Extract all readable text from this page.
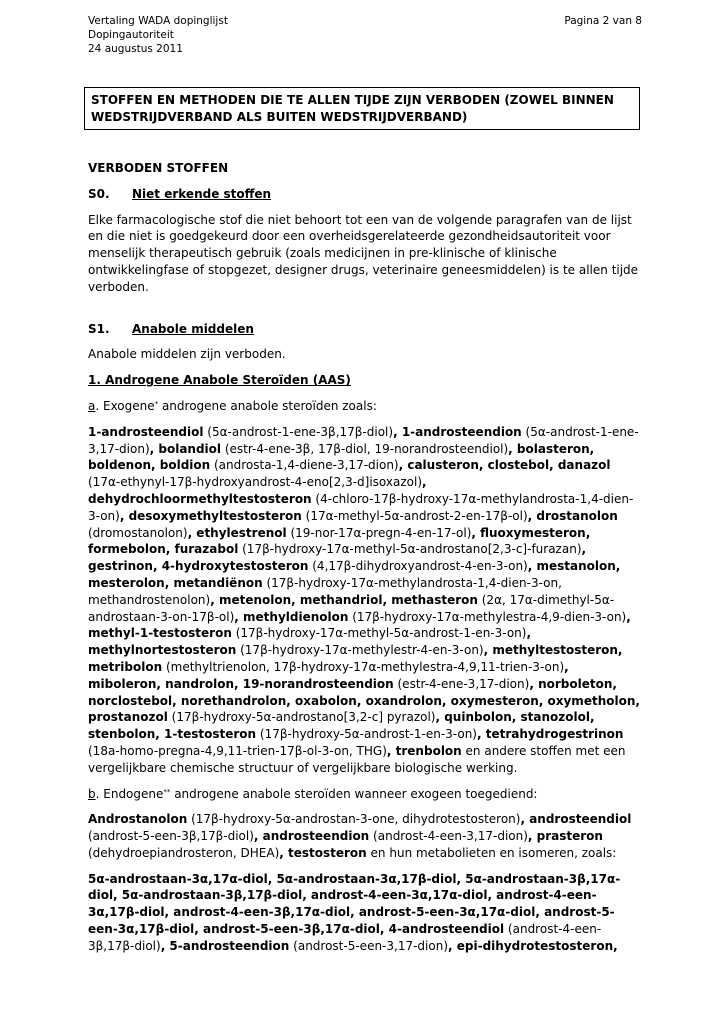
Vertaling WADA dopinglijst	Pagina 2 van 8
Dopingautoriteit
24 augustus 2011
STOFFEN EN METHODEN DIE TE ALLEN TIJDE ZIJN VERBODEN (ZOWEL BINNEN WEDSTRIJDVERBAND ALS BUITEN WEDSTRIJDVERBAND)
VERBODEN STOFFEN
S0. Niet erkende stoffen
Elke farmacologische stof die niet behoort tot een van de volgende paragrafen van de lijst en die niet is goedgekeurd door een overheidsgerelateerde gezondheidsautoriteit voor menselijk therapeutisch gebruik (zoals medicijnen in pre-klinische of klinische ontwikkelingfase of stopgezet, designer drugs, veterinaire geneesmiddelen) is te allen tijde verboden.
S1. Anabole middelen
Anabole middelen zijn verboden.
1. Androgene Anabole Steroïden (AAS)
a. Exogene* androgene anabole steroïden zoals:
1-androsteendiol (5α-androst-1-ene-3β,17β-diol), 1-androsteendion (5α-androst-1-ene-3,17-dion), bolandiol (estr-4-ene-3β, 17β-diol, 19-norandrosteendiol), bolasteron, boldenon, boldion (androsta-1,4-diene-3,17-dion), calusteron, clostebol, danazol (17α-ethynyl-17β-hydroxyandrost-4-eno[2,3-d]isoxazol), dehydrochloormethyltestosteron (4-chloro-17β-hydroxy-17α-methylandrosta-1,4-dien-3-on), desoxymethyltestosteron (17α-methyl-5α-androst-2-en-17β-ol), drostanolon (dromostanolon), ethylestrenol (19-nor-17α-pregn-4-en-17-ol), fluoxymesteron, formebolon, furazabol (17β-hydroxy-17α-methyl-5α-androstano[2,3-c]-furazan), gestrinon, 4-hydroxytestosteron (4,17β-dihydroxyandrost-4-en-3-on), mestanolon, mesterolon, metandiënon (17β-hydroxy-17α-methylandrosta-1,4-dien-3-on, methandrostenolon), metenolon, methandriol, methasteron (2α, 17α-dimethyl-5α-androstaan-3-on-17β-ol), methyldienolon (17β-hydroxy-17α-methylestra-4,9-dien-3-on), methyl-1-testosteron (17β-hydroxy-17α-methyl-5α-androst-1-en-3-on), methylnortestosteron (17β-hydroxy-17α-methylestr-4-en-3-on), methyltestosteron, metribolon (methyltrienolon, 17β-hydroxy-17α-methylestra-4,9,11-trien-3-on), miboleron, nandrolon, 19-norandrosteendion (estr-4-ene-3,17-dion), norboleton, norclostebol, norethandrolon, oxabolon, oxandrolon, oxymesteron, oxymetholon, prostanozol (17β-hydroxy-5α-androstano[3,2-c] pyrazol), quinbolon, stanozolol, stenbolon, 1-testosteron (17β-hydroxy-5α-androst-1-en-3-on), tetrahydrogestrinon (18a-homo-pregna-4,9,11-trien-17β-ol-3-on, THG), trenbolon en andere stoffen met een vergelijkbare chemische structuur of vergelijkbare biologische werking.
b. Endogene** androgene anabole steroïden wanneer exogeen toegediend:
Androstanolon (17β-hydroxy-5α-androstan-3-one, dihydrotestosteron), androsteendiol (androst-5-een-3β,17β-diol), androsteendion (androst-4-een-3,17-dion), prasteron (dehydroepiandrosteron, DHEA), testosteron en hun metabolieten en isomeren, zoals:
5α-androstaan-3α,17α-diol, 5α-androstaan-3α,17β-diol, 5α-androstaan-3β,17α-diol, 5α-androstaan-3β,17β-diol, androst-4-een-3α,17α-diol, androst-4-een-3α,17β-diol, androst-4-een-3β,17α-diol, androst-5-een-3α,17α-diol, androst-5-een-3α,17β-diol, androst-5-een-3β,17α-diol, 4-androsteendiol (androst-4-een-3β,17β-diol), 5-androsteendion (androst-5-een-3,17-dion), epi-dihydrotestosteron,
